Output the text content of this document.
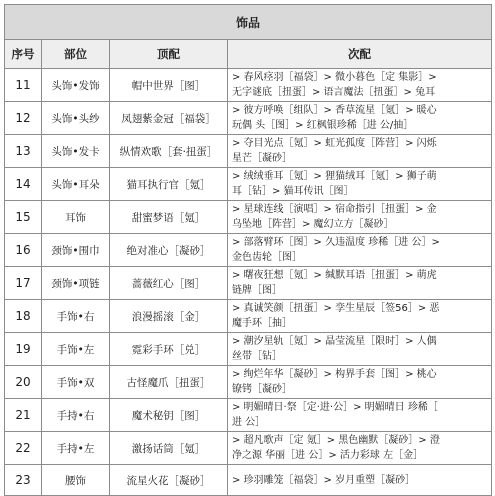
饰品			
序号	部位	顶配	次配
11	头饰•发饰	帽中世界［图］	> 春风痉羽［福袋］> 微小暮色［定 集影］>
无字谜底［扭蛋］> 语言魔法［扭蛋］> 兔耳

12	头饰•头纱	凤翅紫金冠［福袋］	> 彼方呼唤［组队］> 香草流星［氪］> 暖心
玩偶 头［图］> 红枫银珍稀［进 公/抽］

13	头饰•发卡	纵情欢歌［套·扭蛋］	> 夺目光点［氪］> 虹光孤度［阵营］> 闪烁
星芒［凝砂］

14	头饰•耳朵	猫耳执行官［氪］	> 绒绒垂耳［氪］> 狸猫绒耳［氪］> 狮子萌
耳［钻］> 猫耳传讯［图］

15	耳饰	甜蜜梦语［氪］	> 星球连线［演唱］> 宿命指引［扭蛋］> 金
乌坠地［阵营］> 魔幻立方［凝砂］

16	颈饰•围巾	绝对准心［凝砂］	> 部落臂环［图］> 久违温度 珍稀［进 公］>
金色齿轮［图］

17	颈饰•项链	蔷薇红心［图］	> 曙夜狂想［氪］> 缄默耳语［扭蛋］> 萌虎
链牌［图］

18	手饰•右	浪漫摇滚［金］	> 真诚笑颜［扭蛋］> 孪生星辰［签56］> 恶
魔手环［抽］

19	手饰•左	霓彩手环［兑］	> 潮汐星轨［氪］> 晶莹流星［限时］> 人偶
丝带［钻］

20	手饰•双	古怪魔爪［扭蛋］	> 绚烂年华［凝砂］> 构界手套［图］> 桃心
镣铐［凝砂］

21	手持•右	魔术秘钥［图］	> 明媚晴日·祭［定·进·公］> 明媚晴日 珍稀［
进 公］

22	手持•左	激扬话筒［氪］	> 超凡歌声［定 氪］> 黑色幽默［凝砂］> 澄
净之源 华丽［进 公］> 活力彩球 左［金］

23	腰饰	流星火花［凝砂］	> 珍羽雕笼［福袋］> 岁月重塑［凝砂］
